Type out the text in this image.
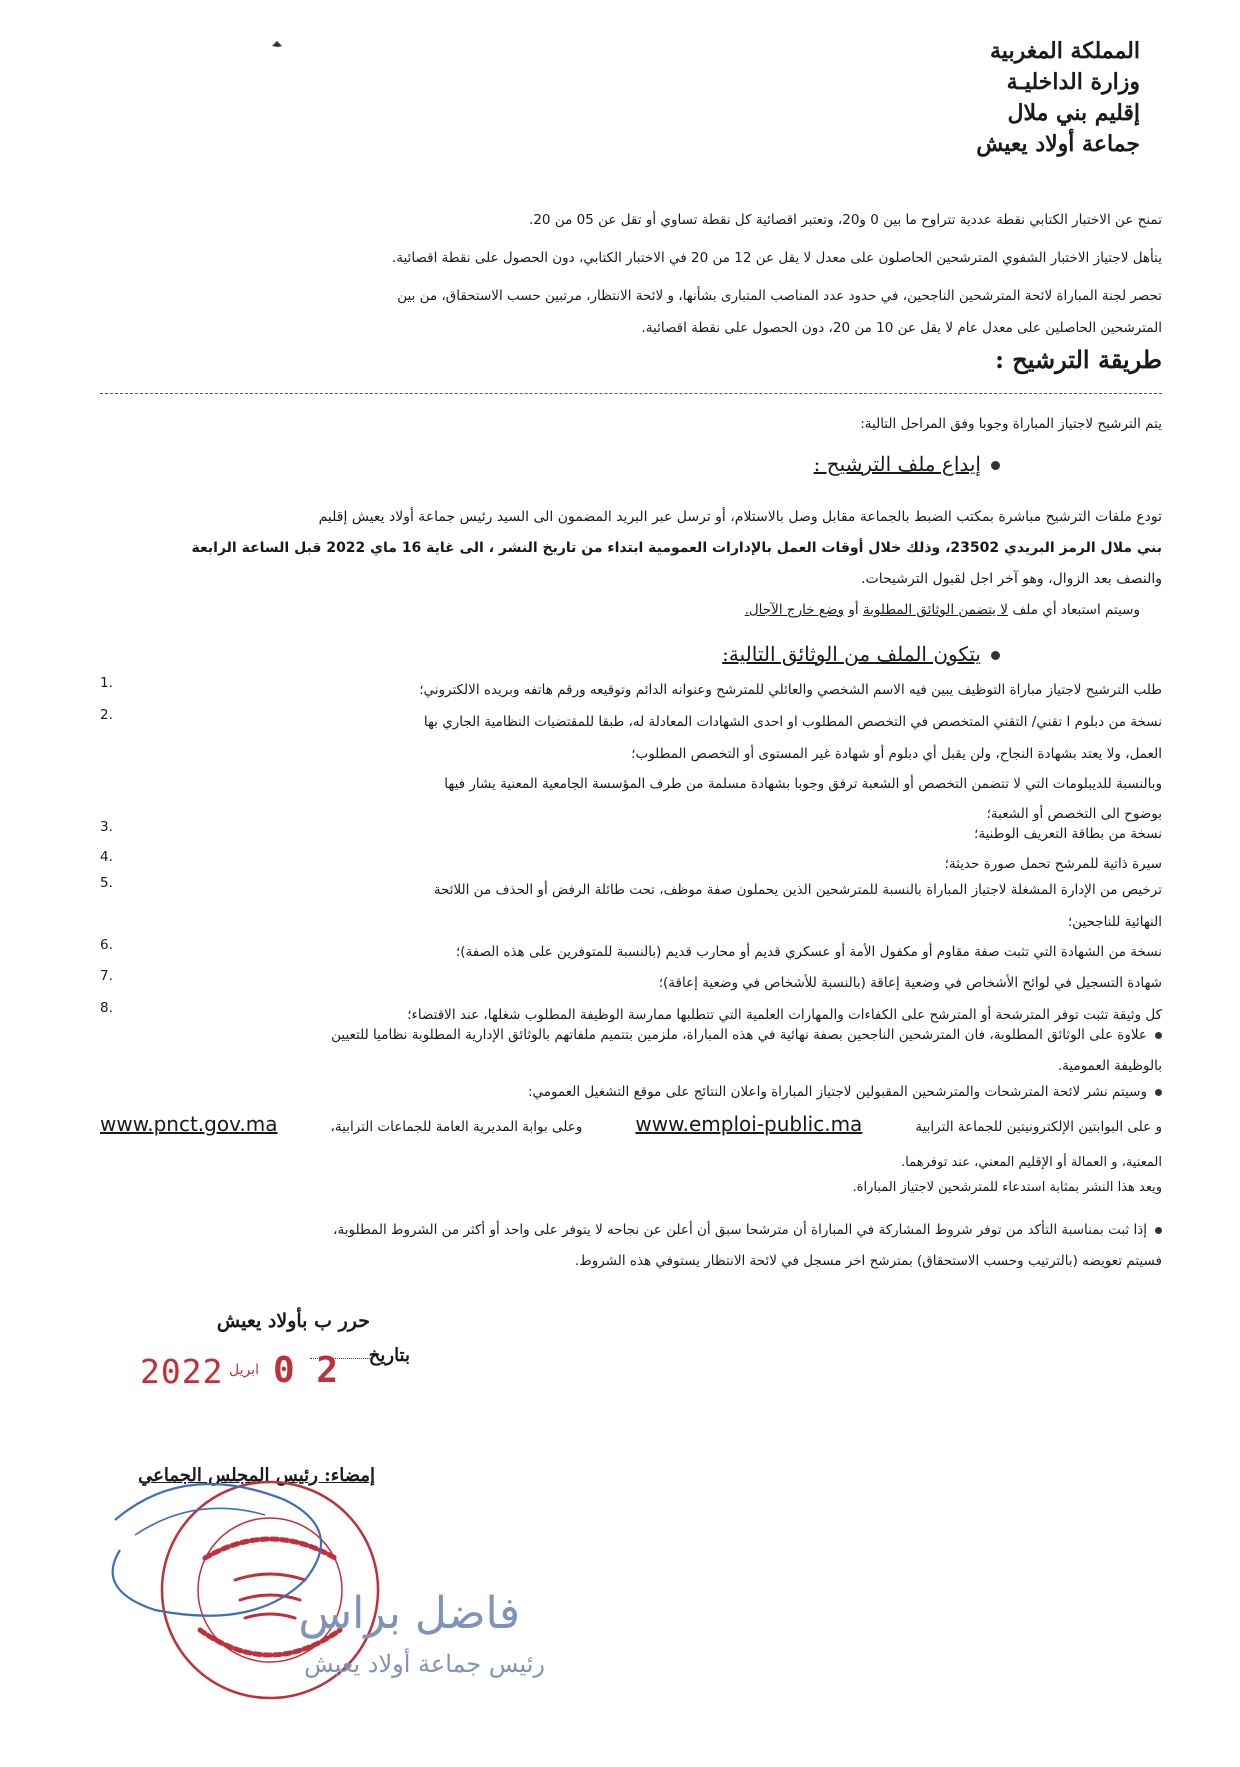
المملكة المغربية
وزارة الداخليـة
إقليم بني ملال
جماعة أولاد يعيش

تمنح عن الاختبار الكتابي نقطة عددية تتراوح ما بين 0 و20، وتعتبر اقصائية كل نقطة تساوي أو تقل عن 05 من 20.

يتأهل لاجتياز الاختبار الشفوي المترشحين الحاصلون على معدل لا يقل عن 12 من 20 في الاختبار الكتابي، دون الحصول على نقطة اقصائية.

تحصر لجنة المباراة لائحة المترشحين الناجحين، في حدود عدد المناصب المتبارى بشأنها، و لائحة الانتظار، مرتبين حسب الاستحقاق، من بين

المترشحين الحاصلين على معدل عام لا يقل عن 10 من 20، دون الحصول على نقطة اقصائية.

طريقة الترشيح :

يتم الترشيح لاجتياز المباراة وجوبا وفق المراحل التالية:

إيداع ملف الترشيح :

تودع ملفات الترشيح مباشرة بمكتب الضبط بالجماعة مقابل وصل بالاستلام، أو ترسل عبر البريد المضمون الى السيد رئيس جماعة أولاد يعيش إقليم

بني ملال الرمز البريدي 23502، وذلك خلال أوقات العمل بالإدارات العمومية ابتداء من تاريخ النشر ، الى غاية 16 ماي 2022 قبل الساعة الرابعة

والنصف بعد الزوال، وهو آخر اجل لقبول الترشيحات.

وسيتم استبعاد أي ملف لا يتضمن الوثائق المطلوبة أو وضع خارج الآجال.
يتكون الملف من الوثائق التالية:
طلب الترشيح لاجتياز مباراة التوظيف يبين فيه الاسم الشخصي والعائلي للمترشح وعنوانه الدائم وتوقيعه ورقم هاتفه وبريده الالكتروني؛
1.
نسخة من دبلوم ا تقني/ التقني المتخصص في التخصص المطلوب او احدى الشهادات المعادلة له، طبقا للمقتضيات النظامية الجاري بها
2.
العمل، ولا يعتد بشهادة النجاح، ولن يقبل أي دبلوم أو شهادة غير المستوى أو التخصص المطلوب؛
وبالنسبة للديبلومات التي لا تتضمن التخصص أو الشعبة ترفق وجوبا بشهادة مسلمة من طرف المؤسسة الجامعية المعنية يشار فيها
بوضوح الى التخصص أو الشعبة؛
نسخة من بطاقة التعريف الوطنية؛
3.
سيرة ذاتية للمرشح تحمل صورة حديثة؛
4.
ترخيص من الإدارة المشغلة لاجتياز المباراة بالنسبة للمترشحين الذين يحملون صفة موظف، تحت طائلة الرفض أو الحذف من اللائحة
5.
النهائية للناجحين؛
نسخة من الشهادة التي تثبت صفة مقاوم أو مكفول الأمة أو عسكري قديم أو محارب قديم (بالنسبة للمتوفرين على هذه الصفة)؛
6.
شهادة التسجيل في لوائح الأشخاص في وضعية إعاقة (بالنسبة للأشخاص في وضعية إعاقة)؛
7.
كل وثيقة تثبت توفر المترشحة أو المترشح على الكفاءات والمهارات العلمية التي تتطلبها ممارسة الوظيفة المطلوب شغلها، عند الاقتضاء؛
8.

علاوة على الوثائق المطلوبة، فان المترشحين الناجحين بصفة نهائية في هذه المباراة، ملزمين بتتميم ملفاتهم بالوثائق الإدارية المطلوبة نظاميا للتعيين

بالوظيفة العمومية.

وسيتم نشر لائحة المترشحات والمترشحين المقبولين لاجتياز المباراة واعلان النتائج على موقع التشغيل العمومي:

و على البوابتين الإلكترونيتين للجماعة الترابية
www.emploi-public.ma
وعلى بوابة المديرية العامة للجماعات الترابية،
www.pnct.gov.ma

المعنية، و العمالة أو الإقليم المعني، عند توفرهما.

ويعد هذا النشر بمثابة استدعاء للمترشحين لاجتياز المباراة.

إذا ثبت بمناسبة التأكد من توفر شروط المشاركة في المباراة أن مترشحا سبق أن أعلن عن نجاحه لا يتوفر على واحد أو أكثر من الشروط المطلوبة،

فسيتم تعويضه (بالترتيب وحسب الاستحقاق) بمترشح اخر مسجل في لائحة الانتظار يستوفي هذه الشروط.

حرر ب بأولاد يعيش
بتاريخ
2022 ابريل 2 0
إمضاء: رئيس المجلس الجماعي
فاضل براس
رئيس جماعة أولاد يعيش
